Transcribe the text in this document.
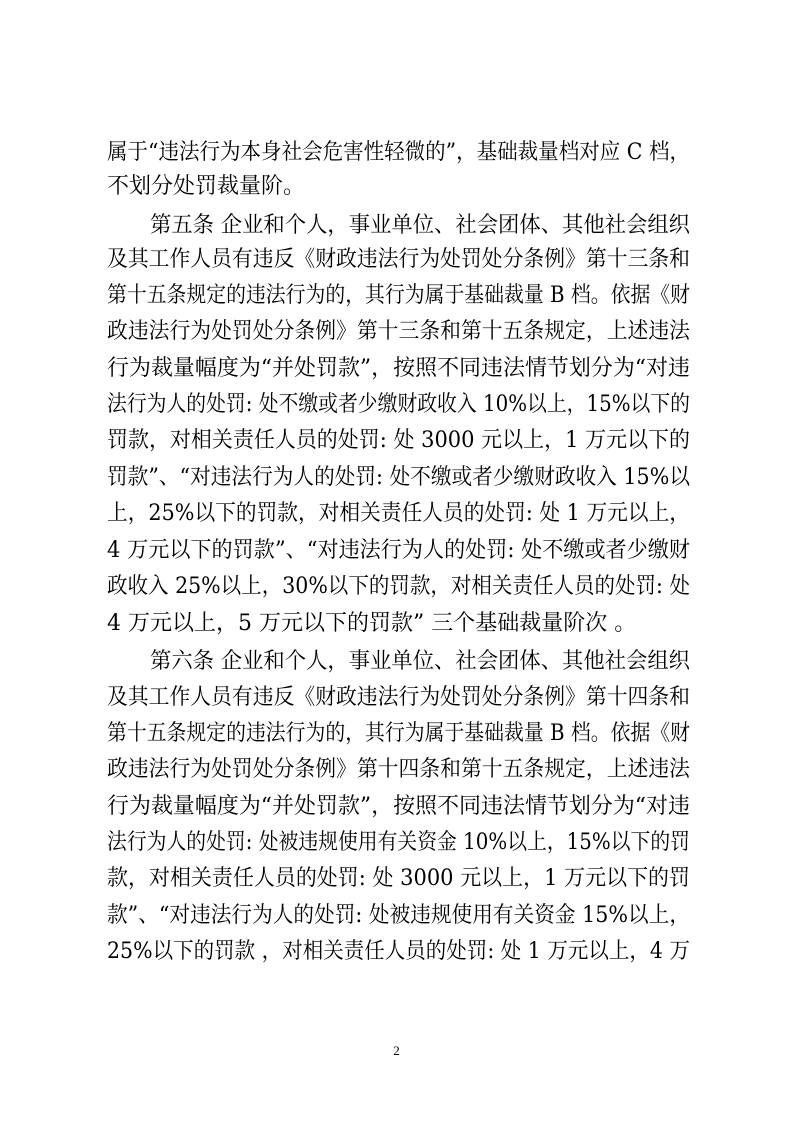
属于“违法行为本身社会危害性轻微的”，基础裁量档对应 C 档，
不划分处罚裁量阶。
第五条 企业和个人，事业单位、社会团体、其他社会组织
及其工作人员有违反《财政违法行为处罚处分条例》第十三条和
第十五条规定的违法行为的，其行为属于基础裁量 B 档。依据《财
政违法行为处罚处分条例》第十三条和第十五条规定，上述违法
行为裁量幅度为“并处罚款”，按照不同违法情节划分为“对违
法行为人的处罚: 处不缴或者少缴财政收入 10%以上，15%以下的
罚款，对相关责任人员的处罚: 处 3000 元以上，1 万元以下的
罚款”、“对违法行为人的处罚: 处不缴或者少缴财政收入 15%以
上，25%以下的罚款，对相关责任人员的处罚: 处 1 万元以上，
4 万元以下的罚款”、“对违法行为人的处罚: 处不缴或者少缴财
政收入 25%以上，30%以下的罚款，对相关责任人员的处罚: 处
4 万元以上，5 万元以下的罚款” 三个基础裁量阶次 。
第六条 企业和个人，事业单位、社会团体、其他社会组织
及其工作人员有违反《财政违法行为处罚处分条例》第十四条和
第十五条规定的违法行为的，其行为属于基础裁量 B 档。依据《财
政违法行为处罚处分条例》第十四条和第十五条规定，上述违法
行为裁量幅度为“并处罚款”，按照不同违法情节划分为“对违
法行为人的处罚: 处被违规使用有关资金 10%以上，15%以下的罚
款，对相关责任人员的处罚: 处 3000 元以上，1 万元以下的罚
款”、“对违法行为人的处罚: 处被违规使用有关资金 15%以上，
25%以下的罚款 ，对相关责任人员的处罚: 处 1 万元以上，4 万
2
